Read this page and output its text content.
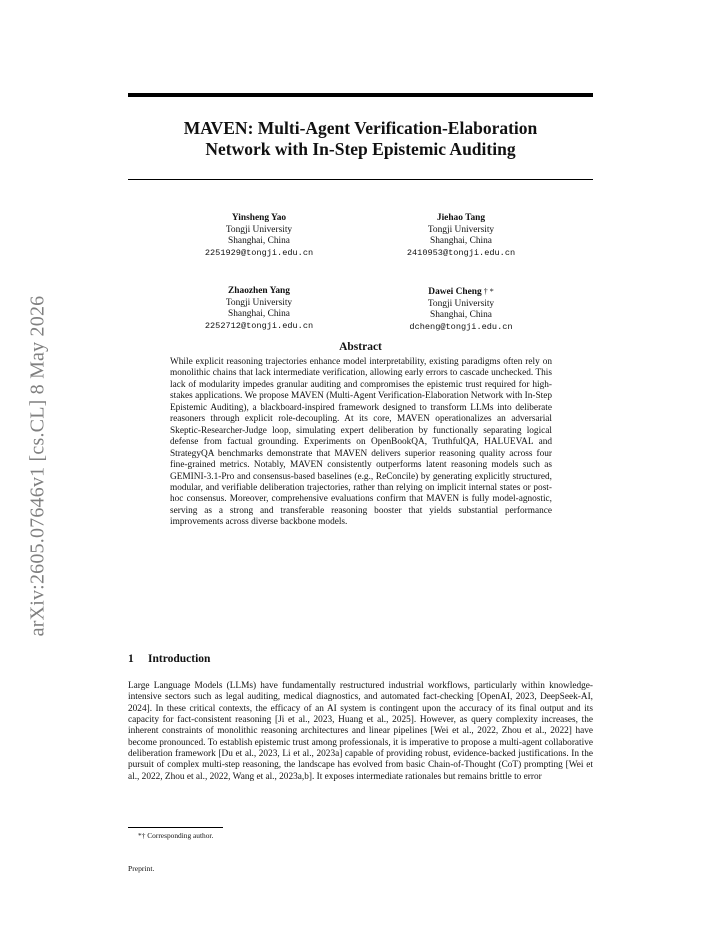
arXiv:2605.07646v1 [cs.CL] 8 May 2026
MAVEN: Multi-Agent Verification-Elaboration
Network with In-Step Epistemic Auditing
Yinsheng Yao
Tongji University
Shanghai, China
2251929@tongji.edu.cn
Jiehao Tang
Tongji University
Shanghai, China
2410953@tongji.edu.cn
Zhaozhen Yang
Tongji University
Shanghai, China
2252712@tongji.edu.cn
Dawei Cheng † *
Tongji University
Shanghai, China
dcheng@tongji.edu.cn
Abstract
While explicit reasoning trajectories enhance model interpretability, existing paradigms often rely on monolithic chains that lack intermediate verification, allowing early errors to cascade unchecked. This lack of modularity impedes granular auditing and compromises the epistemic trust required for high-stakes applications. We propose MAVEN (Multi-Agent Verification-Elaboration Network with In-Step Epistemic Auditing), a blackboard-inspired framework designed to transform LLMs into deliberate reasoners through explicit role-decoupling. At its core, MAVEN operationalizes an adversarial Skeptic-Researcher-Judge loop, simulating expert deliberation by functionally separating logical defense from factual grounding. Experiments on OpenBookQA, TruthfulQA, HALUEVAL and StrategyQA benchmarks demonstrate that MAVEN delivers superior reasoning quality across four fine-grained metrics. Notably, MAVEN consistently outperforms latent reasoning models such as GEMINI-3.1-Pro and consensus-based baselines (e.g., ReConcile) by generating explicitly structured, modular, and verifiable deliberation trajectories, rather than relying on implicit internal states or post-hoc consensus. Moreover, comprehensive evaluations confirm that MAVEN is fully model-agnostic, serving as a strong and transferable reasoning booster that yields substantial performance improvements across diverse backbone models.
1 Introduction
Large Language Models (LLMs) have fundamentally restructured industrial workflows, particularly within knowledge-intensive sectors such as legal auditing, medical diagnostics, and automated fact-checking [OpenAI, 2023, DeepSeek-AI, 2024]. In these critical contexts, the efficacy of an AI system is contingent upon the accuracy of its final output and its capacity for fact-consistent reasoning [Ji et al., 2023, Huang et al., 2025]. However, as query complexity increases, the inherent constraints of monolithic reasoning architectures and linear pipelines [Wei et al., 2022, Zhou et al., 2022] have become pronounced. To establish epistemic trust among professionals, it is imperative to propose a multi-agent collaborative deliberation framework [Du et al., 2023, Li et al., 2023a] capable of providing robust, evidence-backed justifications. In the pursuit of complex multi-step reasoning, the landscape has evolved from basic Chain-of-Thought (CoT) prompting [Wei et al., 2022, Zhou et al., 2022, Wang et al., 2023a,b]. It exposes intermediate rationales but remains brittle to error
*† Corresponding author.
Preprint.
